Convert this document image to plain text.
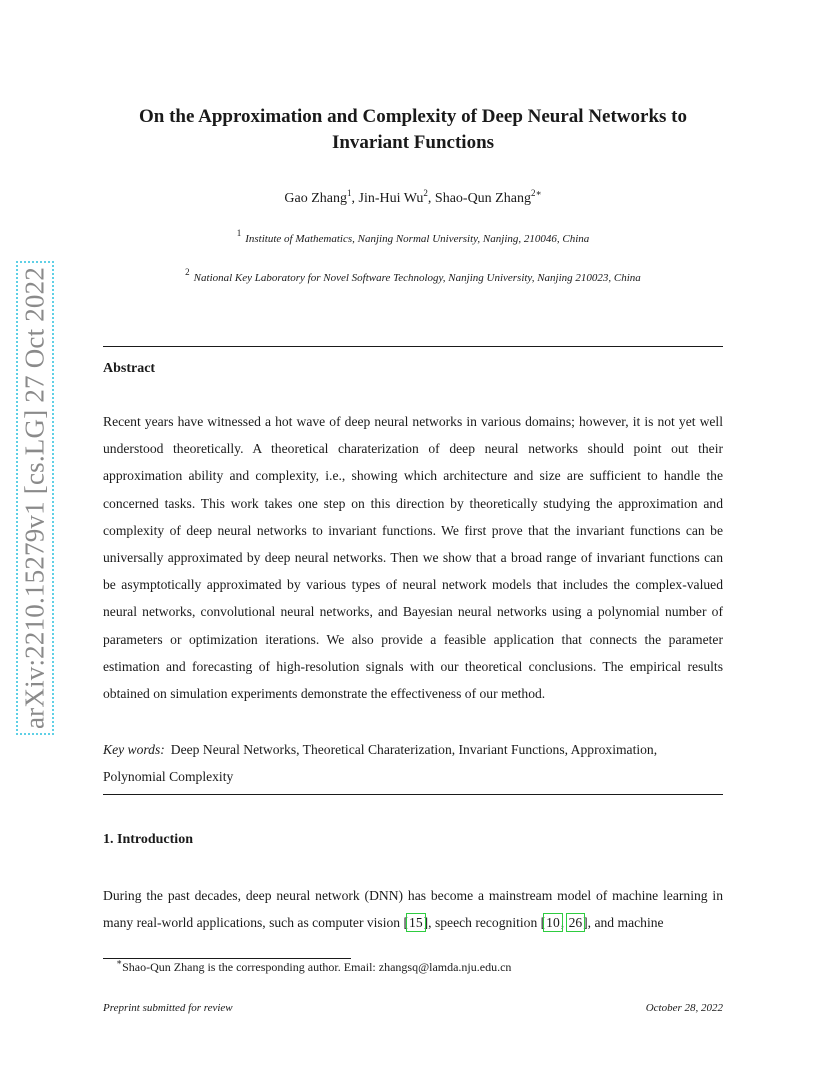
arXiv:2210.15279v1 [cs.LG] 27 Oct 2022
On the Approximation and Complexity of Deep Neural Networks to
Invariant Functions
Gao Zhang$^1$, Jin-Hui Wu$^2$, Shao-Qun Zhang$^{2∗}$
$^1$ Institute of Mathematics, Nanjing Normal University, Nanjing, 210046, China
$^2$ National Key Laboratory for Novel Software Technology, Nanjing University, Nanjing 210023, China
Abstract
Recent years have witnessed a hot wave of deep neural networks in various domains; however, it is not yet well understood theoretically. A theoretical charaterization of deep neural networks should point out their approximation ability and complexity, i.e., showing which architecture and size are sufficient to handle the concerned tasks. This work takes one step on this direction by theoretically studying the approximation and complexity of deep neural networks to invariant functions. We first prove that the invariant functions can be universally approximated by deep neural networks. Then we show that a broad range of invariant functions can be asymptotically approximated by various types of neural network models that includes the complex-valued neural networks, convolutional neural networks, and Bayesian neural networks using a polynomial number of parameters or optimization iterations. We also provide a feasible application that connects the parameter estimation and forecasting of high-resolution signals with our theoretical conclusions. The empirical results obtained on simulation experiments demonstrate the effectiveness of our method.
Key words: Deep Neural Networks, Theoretical Charaterization, Invariant Functions, Approximation, Polynomial Complexity
1. Introduction
During the past decades, deep neural network (DNN) has become a mainstream model of machine learning in many real-world applications, such as computer vision [15], speech recognition [10, 26], and machine
∗Shao-Qun Zhang is the corresponding author. Email: zhangsq@lamda.nju.edu.cn
Preprint submitted for review	October 28, 2022
